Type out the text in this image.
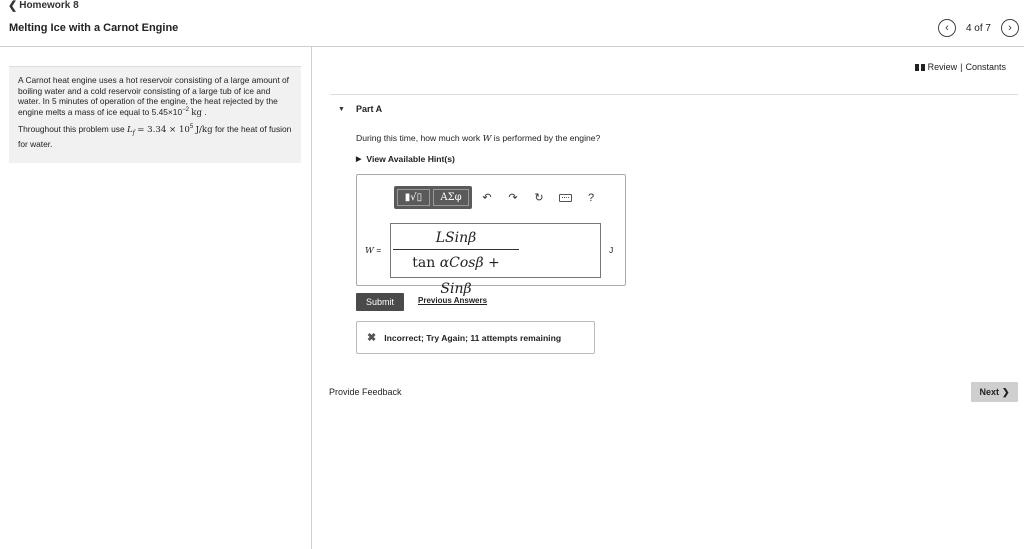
❮ Homework 8
Melting Ice with a Carnot Engine	‹ 4 of 7 ›

A Carnot heat engine uses a hot reservoir consisting of a large amount of boiling water and a cold reservoir consisting of a large tub of ice and water. In 5 minutes of operation of the engine, the heat rejected by the engine melts a mass of ice equal to $5.45\times 10^{-2}$ kg .

Throughout this problem use $L_f = 3.34 \times 10^5$ J/kg for the heat of fusion for water.

Review | Constants
▼ Part A
During this time, how much work W is performed by the engine?
▶ View Available Hint(s)
▮√▯	ΑΣφ	↶	↷	↻	?
W =
LSinβ
tan αCosβ + Sinβ
J
Submit	Previous Answers
✖ Incorrect; Try Again; 11 attempts remaining
Provide Feedback	Next ❯
